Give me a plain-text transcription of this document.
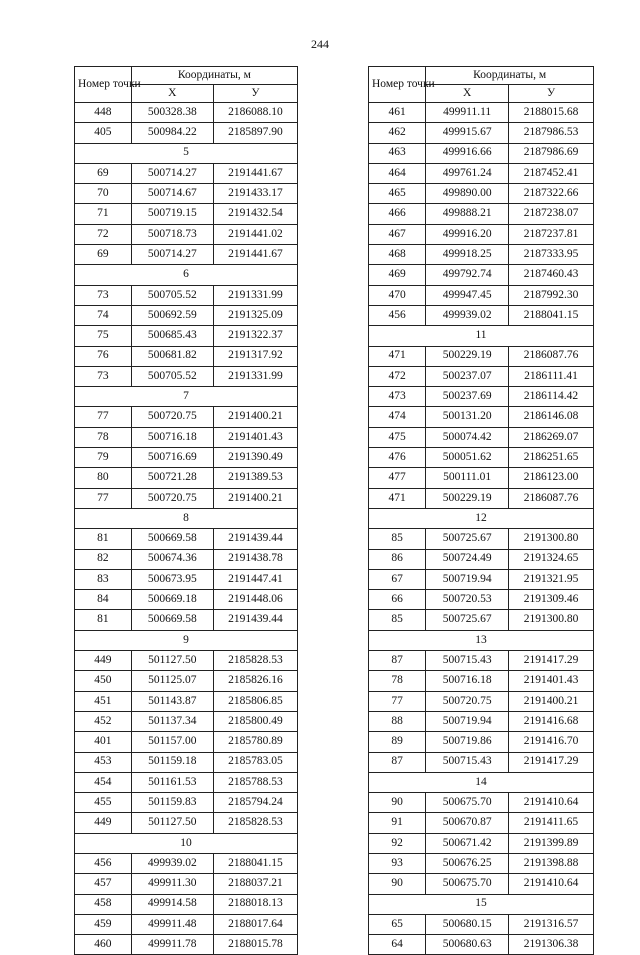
244
Номер точки	Координаты, м	
	Х	У
448	500328.38	2186088.10
405	500984.22	2185897.90
5		
69	500714.27	2191441.67
70	500714.67	2191433.17
71	500719.15	2191432.54
72	500718.73	2191441.02
69	500714.27	2191441.67
6		
73	500705.52	2191331.99
74	500692.59	2191325.09
75	500685.43	2191322.37
76	500681.82	2191317.92
73	500705.52	2191331.99
7		
77	500720.75	2191400.21
78	500716.18	2191401.43
79	500716.69	2191390.49
80	500721.28	2191389.53
77	500720.75	2191400.21
8		
81	500669.58	2191439.44
82	500674.36	2191438.78
83	500673.95	2191447.41
84	500669.18	2191448.06
81	500669.58	2191439.44
9		
449	501127.50	2185828.53
450	501125.07	2185826.16
451	501143.87	2185806.85
452	501137.34	2185800.49
401	501157.00	2185780.89
453	501159.18	2185783.05
454	501161.53	2185788.53
455	501159.83	2185794.24
449	501127.50	2185828.53
10		
456	499939.02	2188041.15
457	499911.30	2188037.21
458	499914.58	2188018.13
459	499911.48	2188017.64
460	499911.78	2188015.78
Номер точки	Координаты, м	
	Х	У
461	499911.11	2188015.68
462	499915.67	2187986.53
463	499916.66	2187986.69
464	499761.24	2187452.41
465	499890.00	2187322.66
466	499888.21	2187238.07
467	499916.20	2187237.81
468	499918.25	2187333.95
469	499792.74	2187460.43
470	499947.45	2187992.30
456	499939.02	2188041.15
11		
471	500229.19	2186087.76
472	500237.07	2186111.41
473	500237.69	2186114.42
474	500131.20	2186146.08
475	500074.42	2186269.07
476	500051.62	2186251.65
477	500111.01	2186123.00
471	500229.19	2186087.76
12		
85	500725.67	2191300.80
86	500724.49	2191324.65
67	500719.94	2191321.95
66	500720.53	2191309.46
85	500725.67	2191300.80
13		
87	500715.43	2191417.29
78	500716.18	2191401.43
77	500720.75	2191400.21
88	500719.94	2191416.68
89	500719.86	2191416.70
87	500715.43	2191417.29
14		
90	500675.70	2191410.64
91	500670.87	2191411.65
92	500671.42	2191399.89
93	500676.25	2191398.88
90	500675.70	2191410.64
15		
65	500680.15	2191316.57
64	500680.63	2191306.38
